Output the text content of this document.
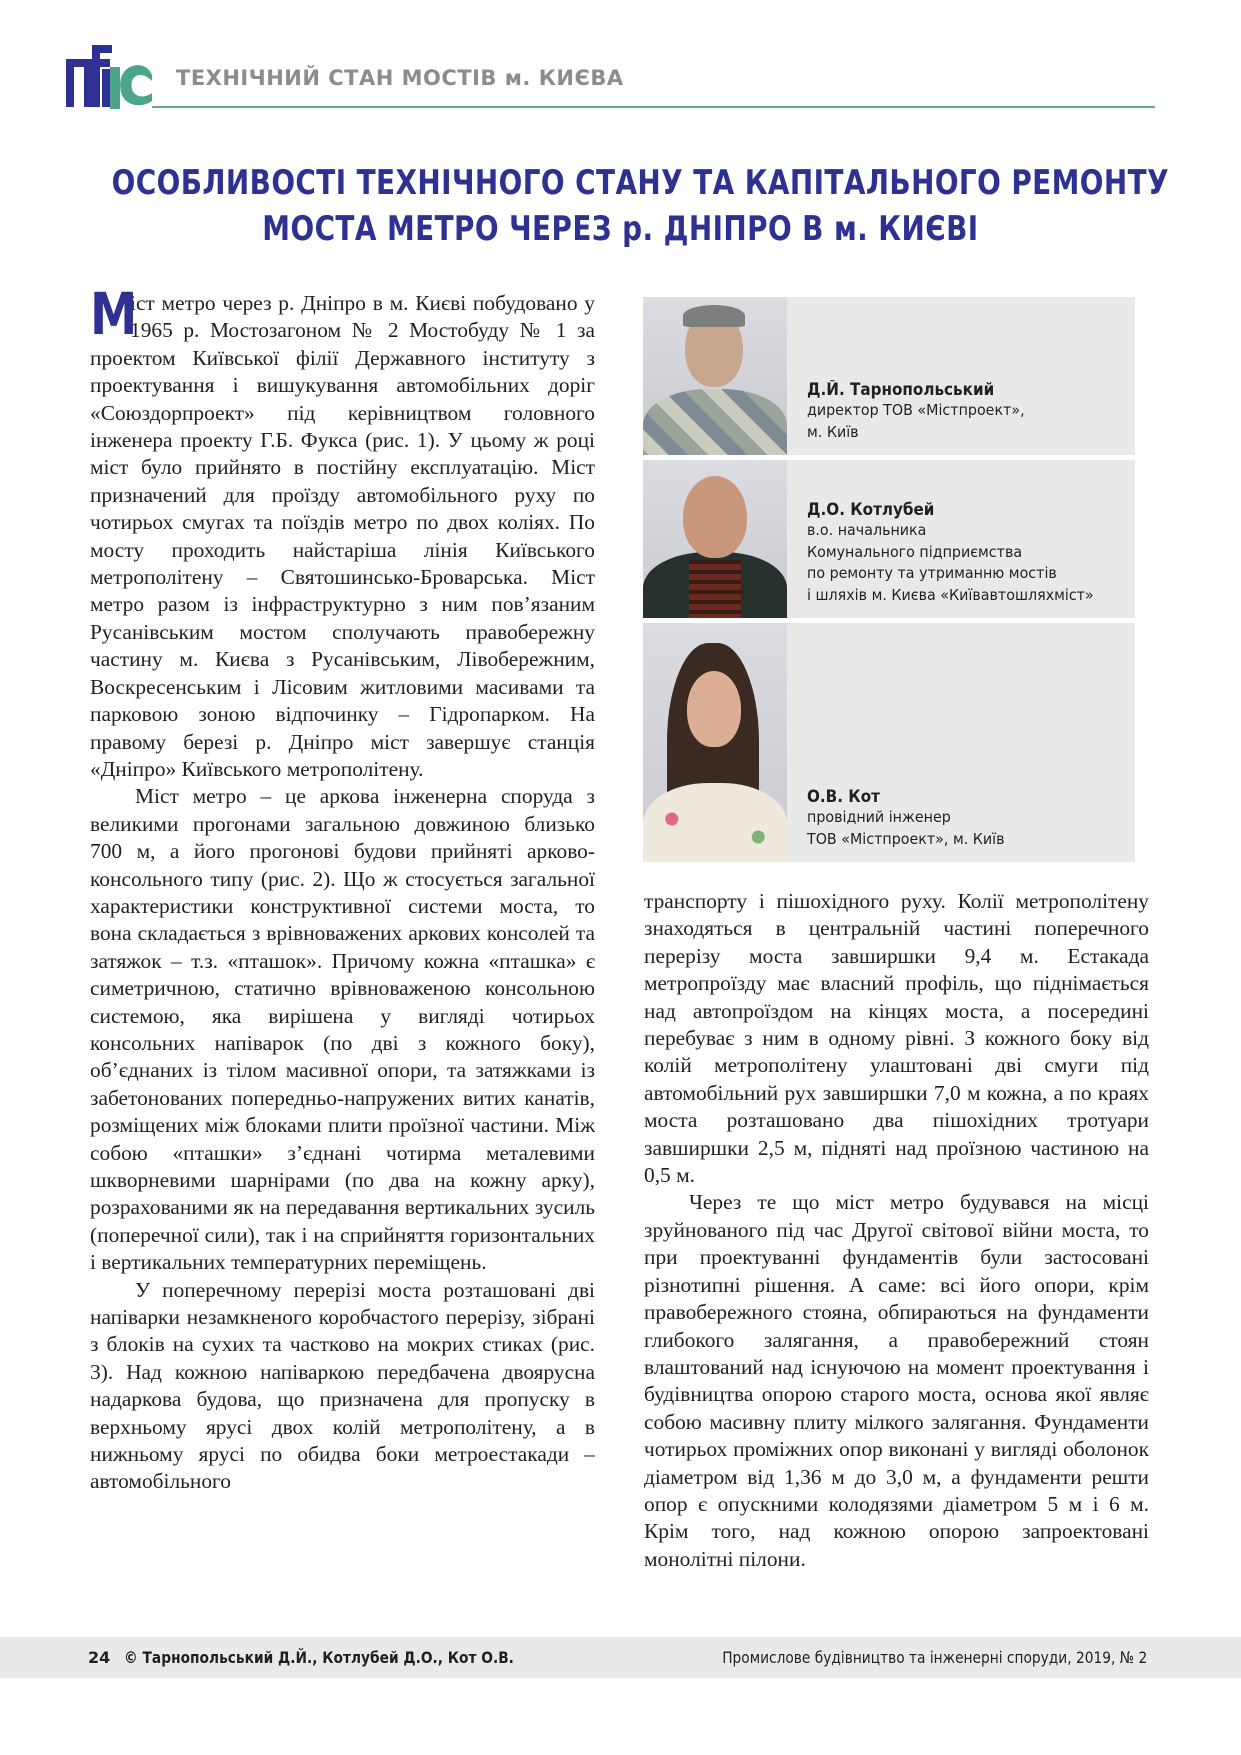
ТЕХНІЧНИЙ СТАН МОСТІВ м. КИЄВА
ОСОБЛИВОСТІ ТЕХНІЧНОГО СТАНУ ТА КАПІТАЛЬНОГО РЕМОНТУ
МОСТА МЕТРО ЧЕРЕЗ р. ДНІПРО В м. КИЄВІ

М
іст метро через р. Дніпро в м. Києві побудовано у 1965 р. Мостозагоном № 2 Мостобуду № 1 за проектом Київської філії Державного інституту з проектування і вишукування автомобільних доріг «Союздорпроект» під керівництвом головного інженера проекту Г.Б. Фукса (рис. 1). У цьому ж році міст було прийнято в постійну експлуатацію. Міст призначений для проїзду автомобільного руху по чотирьох смугах та поїздів метро по двох коліях. По мосту проходить найстаріша лінія Київського метрополітену – Святошинсько-Броварська. Міст метро разом із інфраструктурно з ним пов’язаним Русанівським мостом сполучають правобережну частину м. Києва з Русанівським, Лівобережним, Воскресенським і Лісовим житловими масивами та парковою зоною відпочинку – Гідропарком. На правому березі р. Дніпро міст завершує станція «Дніпро» Київського метрополітену.

Міст метро – це аркова інженерна споруда з великими прогонами загальною довжиною близько 700 м, а його прогонові будови прийняті арково-консольного типу (рис. 2). Що ж стосується загальної характеристики конструктивної системи моста, то вона складається з врівноважених аркових консолей та затяжок – т.з. «пташок». Причому кожна «пташка» є симетричною, статично врівноваженою консольною системою, яка вирішена у вигляді чотирьох консольних напіварок (по дві з кожного боку), об’єднаних із тілом масивної опори, та затяжками із забетонованих попередньо-напружених витих канатів, розміщених між блоками плити проїзної частини. Між собою «пташки» з’єднані чотирма металевими шкворневими шарнірами (по два на кожну арку), розрахованими як на передавання вертикальних зусиль (поперечної сили), так і на сприйняття горизонтальних і вертикальних температурних переміщень.

У поперечному перерізі моста розташовані дві напіварки незамкненого коробчастого перерізу, зібрані з блоків на сухих та частково на мокрих стиках (рис. 3). Над кожною напіваркою передбачена двоярусна надаркова будова, що призначена для пропуску в верхньому ярусі двох колій метрополітену, а в нижньому ярусі по обидва боки метроестакади – автомобільного

Д.Й. Тарнопольський
директор ТОВ «Містпроект»,
м. Київ
Д.О. Котлубей
в.о. начальника
Комунального підприємства
по ремонту та утриманню мостів
і шляхів м. Києва «Київавтошляхміст»
О.В. Кот
провідний інженер
ТОВ «Містпроект», м. Київ

транспорту і пішохідного руху. Колії метрополітену знаходяться в центральній частині поперечного перерізу моста завширшки 9,4 м. Естакада метропроїзду має власний профіль, що піднімається над автопроїздом на кінцях моста, а посередині перебуває з ним в одному рівні. З кожного боку від колій метрополітену улаштовані дві смуги під автомобільний рух завширшки 7,0 м кожна, а по краях моста розташовано два пішохідних тротуари завширшки 2,5 м, підняті над проїзною частиною на 0,5 м.

Через те що міст метро будувався на місці зруйнованого під час Другої світової війни моста, то при проектуванні фундаментів були застосовані різнотипні рішення. А саме: всі його опори, крім правобережного стояна, обпираються на фундаменти глибокого залягання, а правобережний стоян влаштований над існуючою на момент проектування і будівництва опорою старого моста, основа якої являє собою масивну плиту мілкого залягання. Фундаменти чотирьох проміжних опор виконані у вигляді оболонок діаметром від 1,36 м до 3,0 м, а фундаменти решти опор є опускними колодязями діаметром 5 м і 6 м. Крім того, над кожною опорою запроектовані монолітні пілони.

24 © Тарнопольський Д.Й., Котлубей Д.О., Кот О.В.	Промислове будівництво та інженерні споруди, 2019, № 2
